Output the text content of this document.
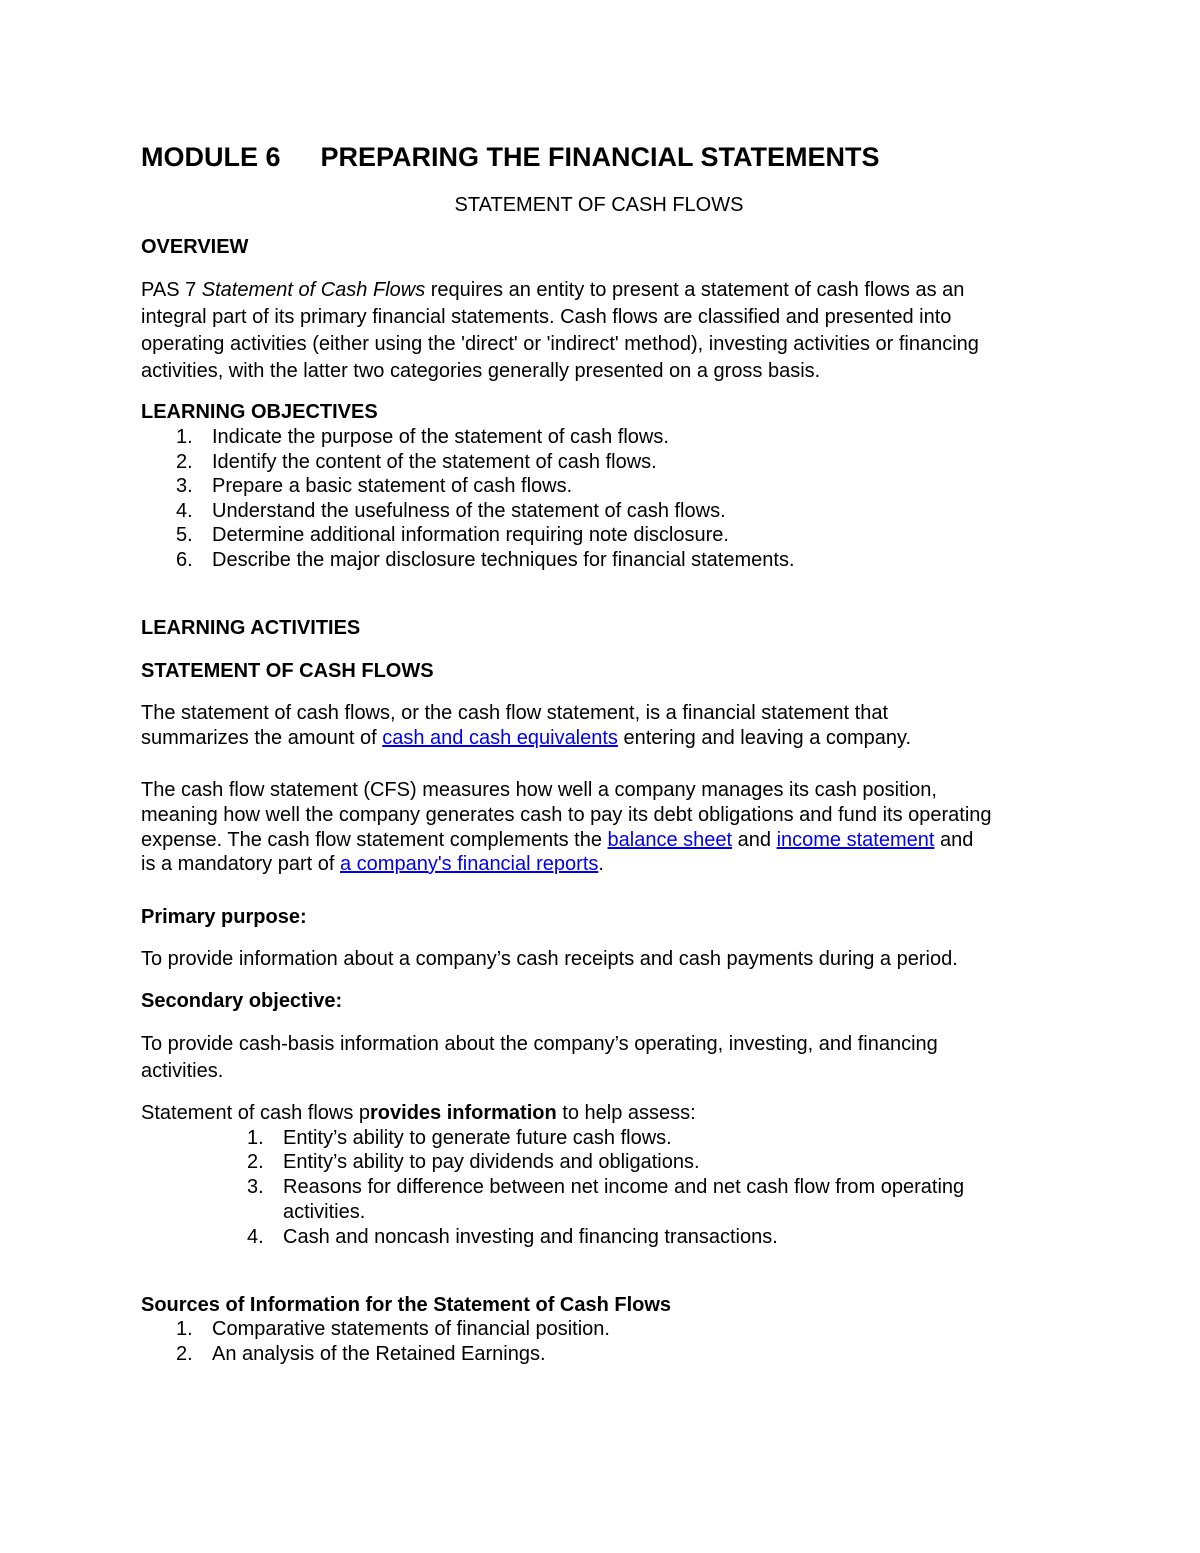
MODULE 6 PREPARING THE FINANCIAL STATEMENTS

STATEMENT OF CASH FLOWS

OVERVIEW

PAS 7 Statement of Cash Flows requires an entity to present a statement of cash flows as an

integral part of its primary financial statements. Cash flows are classified and presented into

operating activities (either using the 'direct' or 'indirect' method), investing activities or financing

activities, with the latter two categories generally presented on a gross basis.

LEARNING OBJECTIVES

1. Indicate the purpose of the statement of cash flows.

2. Identify the content of the statement of cash flows.

3. Prepare a basic statement of cash flows.

4. Understand the usefulness of the statement of cash flows.

5. Determine additional information requiring note disclosure.

6. Describe the major disclosure techniques for financial statements.

LEARNING ACTIVITIES

STATEMENT OF CASH FLOWS

The statement of cash flows, or the cash flow statement, is a financial statement that

summarizes the amount of cash and cash equivalents entering and leaving a company.

The cash flow statement (CFS) measures how well a company manages its cash position,

meaning how well the company generates cash to pay its debt obligations and fund its operating

expense. The cash flow statement complements the balance sheet and income statement and

is a mandatory part of a company's financial reports.

Primary purpose:

To provide information about a company’s cash receipts and cash payments during a period.

Secondary objective:

To provide cash-basis information about the company’s operating, investing, and financing

activities.

Statement of cash flows provides information to help assess:

1. Entity’s ability to generate future cash flows.

2. Entity’s ability to pay dividends and obligations.

3. Reasons for difference between net income and net cash flow from operating

activities.

4. Cash and noncash investing and financing transactions.

Sources of Information for the Statement of Cash Flows

1. Comparative statements of financial position.

2. An analysis of the Retained Earnings.
